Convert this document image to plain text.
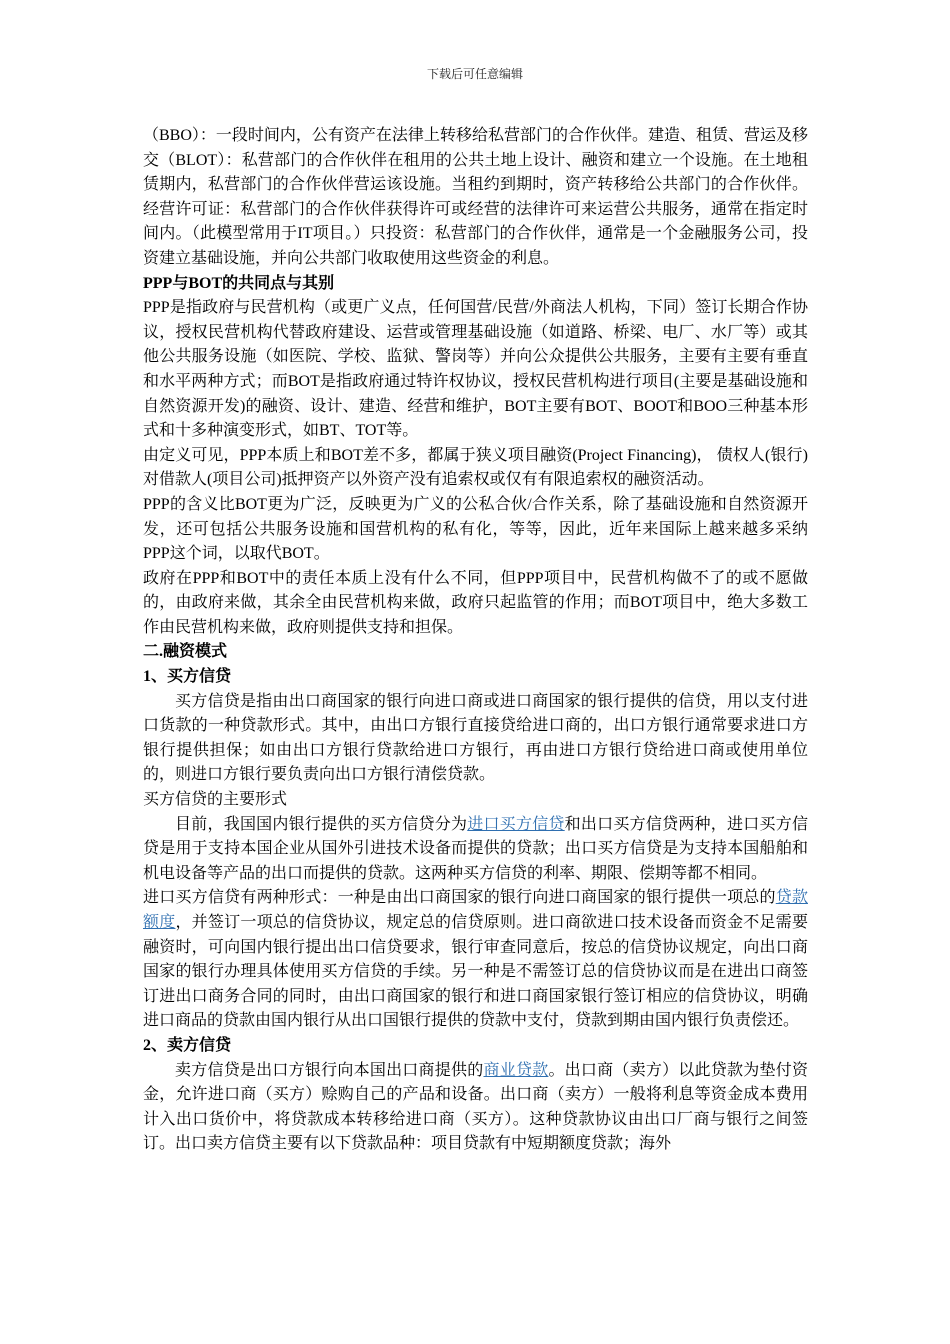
下载后可任意编辑

（BBO）：一段时间内，公有资产在法律上转移给私营部门的合作伙伴。建造、租赁、营运及移交（BLOT）：私营部门的合作伙伴在租用的公共土地上设计、融资和建立一个设施。在土地租赁期内，私营部门的合作伙伴营运该设施。当租约到期时，资产转移给公共部门的合作伙伴。经营许可证：私营部门的合作伙伴获得许可或经营的法律许可来运营公共服务，通常在指定时间内。（此模型常用于IT项目。）只投资：私营部门的合作伙伴，通常是一个金融服务公司，投资建立基础设施，并向公共部门收取使用这些资金的利息。

PPP与BOT的共同点与其别

PPP是指政府与民营机构（或更广义点，任何国营/民营/外商法人机构，下同）签订长期合作协议，授权民营机构代替政府建设、运营或管理基础设施（如道路、桥梁、电厂、水厂等）或其他公共服务设施（如医院、学校、监狱、警岗等）并向公众提供公共服务，主要有主要有垂直和水平两种方式；而BOT是指政府通过特许权协议，授权民营机构进行项目(主要是基础设施和自然资源开发)的融资、设计、建造、经营和维护，BOT主要有BOT、BOOT和BOO三种基本形式和十多种演变形式，如BT、TOT等。

由定义可见，PPP本质上和BOT差不多，都属于狭义项目融资(Project Financing)， 债权人(银行)对借款人(项目公司)抵押资产以外资产没有追索权或仅有有限追索权的融资活动。

PPP的含义比BOT更为广泛，反映更为广义的公私合伙/合作关系，除了基础设施和自然资源开发，还可包括公共服务设施和国营机构的私有化，等等，因此，近年来国际上越来越多采纳PPP这个词，以取代BOT。

政府在PPP和BOT中的责任本质上没有什么不同，但PPP项目中，民营机构做不了的或不愿做的，由政府来做，其余全由民营机构来做，政府只起监管的作用；而BOT项目中，绝大多数工作由民营机构来做，政府则提供支持和担保。

二.融资模式

1、买方信贷

买方信贷是指由出口商国家的银行向进口商或进口商国家的银行提供的信贷，用以支付进口货款的一种贷款形式。其中，由出口方银行直接贷给进口商的，出口方银行通常要求进口方银行提供担保；如由出口方银行贷款给进口方银行，再由进口方银行贷给进口商或使用单位的，则进口方银行要负责向出口方银行清偿贷款。

买方信贷的主要形式

目前，我国国内银行提供的买方信贷分为进口买方信贷和出口买方信贷两种，进口买方信贷是用于支持本国企业从国外引进技术设备而提供的贷款；出口买方信贷是为支持本国船舶和机电设备等产品的出口而提供的贷款。这两种买方信贷的利率、期限、偿期等都不相同。

进口买方信贷有两种形式：一种是由出口商国家的银行向进口商国家的银行提供一项总的贷款额度，并签订一项总的信贷协议，规定总的信贷原则。进口商欲进口技术设备而资金不足需要融资时，可向国内银行提出出口信贷要求，银行审查同意后，按总的信贷协议规定，向出口商国家的银行办理具体使用买方信贷的手续。另一种是不需签订总的信贷协议而是在进出口商签订进出口商务合同的同时，由出口商国家的银行和进口商国家银行签订相应的信贷协议，明确进口商品的贷款由国内银行从出口国银行提供的贷款中支付，贷款到期由国内银行负责偿还。

2、卖方信贷

卖方信贷是出口方银行向本国出口商提供的商业贷款。出口商（卖方）以此贷款为垫付资金，允许进口商（买方）赊购自己的产品和设备。出口商（卖方）一般将利息等资金成本费用计入出口货价中，将贷款成本转移给进口商（买方）。这种贷款协议由出口厂商与银行之间签订。出口卖方信贷主要有以下贷款品种：项目贷款有中短期额度贷款；海外
